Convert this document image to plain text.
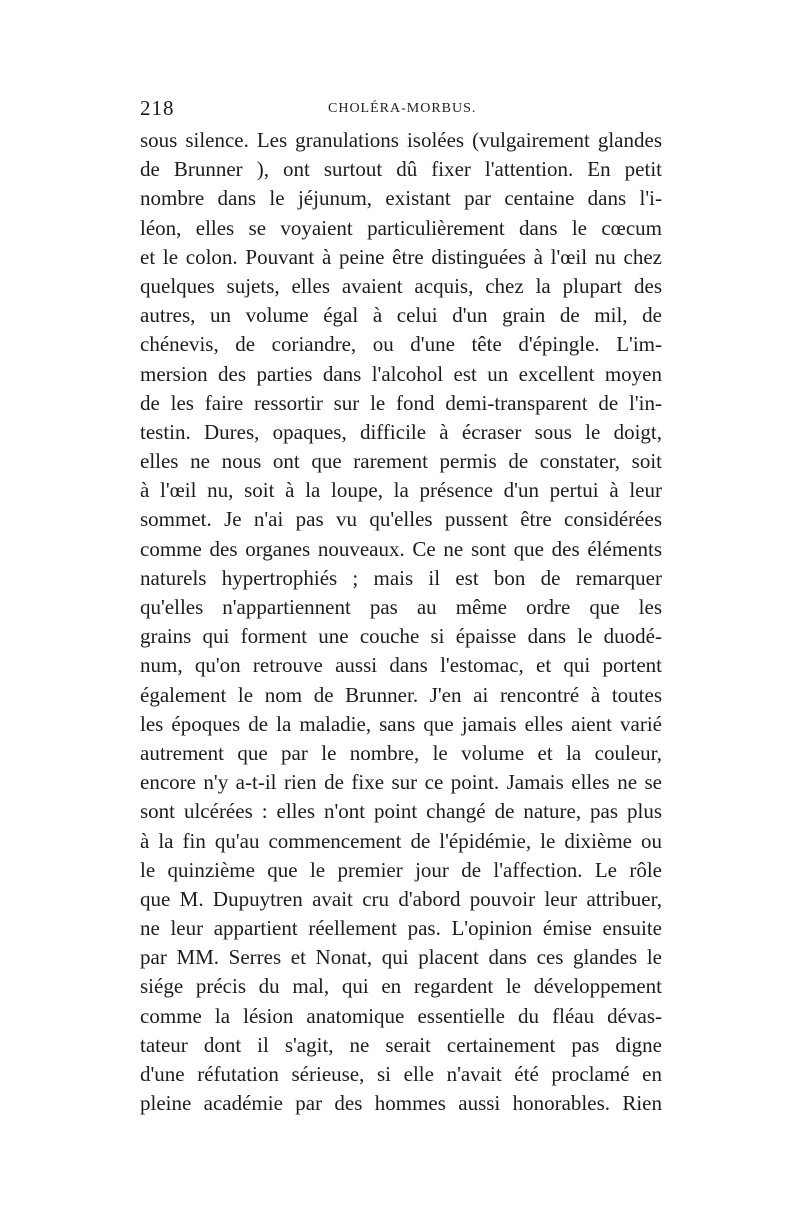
218	CHOLÉRA-MORBUS.
sous silence. Les granulations isolées (vulgairement glandes
de Brunner ), ont surtout dû fixer l'attention. En petit
nombre dans le jéjunum, existant par centaine dans l'i-
léon, elles se voyaient particulièrement dans le cœcum
et le colon. Pouvant à peine être distinguées à l'œil nu chez
quelques sujets, elles avaient acquis, chez la plupart des
autres, un volume égal à celui d'un grain de mil, de
chénevis, de coriandre, ou d'une tête d'épingle. L'im-
mersion des parties dans l'alcohol est un excellent moyen
de les faire ressortir sur le fond demi-transparent de l'in-
testin. Dures, opaques, difficile à écraser sous le doigt,
elles ne nous ont que rarement permis de constater, soit
à l'œil nu, soit à la loupe, la présence d'un pertui à leur
sommet. Je n'ai pas vu qu'elles pussent être considérées
comme des organes nouveaux. Ce ne sont que des éléments
naturels hypertrophiés ; mais il est bon de remarquer
qu'elles n'appartiennent pas au même ordre que les
grains qui forment une couche si épaisse dans le duodé-
num, qu'on retrouve aussi dans l'estomac, et qui portent
également le nom de Brunner. J'en ai rencontré à toutes
les époques de la maladie, sans que jamais elles aient varié
autrement que par le nombre, le volume et la couleur,
encore n'y a-t-il rien de fixe sur ce point. Jamais elles ne se
sont ulcérées : elles n'ont point changé de nature, pas plus
à la fin qu'au commencement de l'épidémie, le dixième ou
le quinzième que le premier jour de l'affection. Le rôle
que M. Dupuytren avait cru d'abord pouvoir leur attribuer,
ne leur appartient réellement pas. L'opinion émise ensuite
par MM. Serres et Nonat, qui placent dans ces glandes le
siége précis du mal, qui en regardent le développement
comme la lésion anatomique essentielle du fléau dévas-
tateur dont il s'agit, ne serait certainement pas digne
d'une réfutation sérieuse, si elle n'avait été proclamé en
pleine académie par des hommes aussi honorables. Rien
